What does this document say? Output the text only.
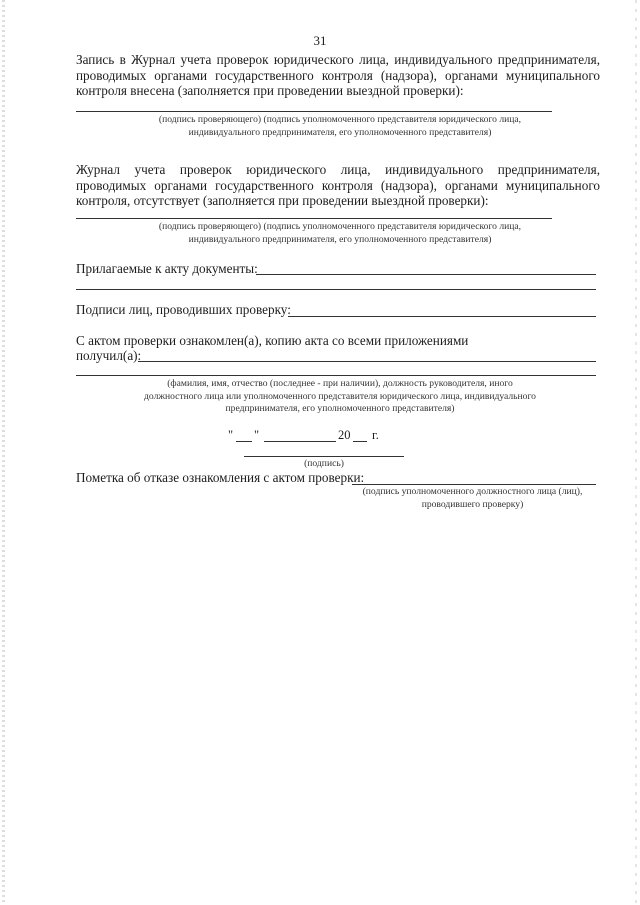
31
Запись в Журнал учета проверок юридического лица, индивидуального предпринимателя, проводимых органами государственного контроля (надзора), органами муниципального контроля внесена (заполняется при проведении выездной проверки):
(подпись проверяющего) (подпись уполномоченного представителя юридического лица, индивидуального предпринимателя, его уполномоченного представителя)
Журнал учета проверок юридического лица, индивидуального предпринимателя, проводимых органами государственного контроля (надзора), органами муниципального контроля, отсутствует (заполняется при проведении выездной проверки):
(подпись проверяющего) (подпись уполномоченного представителя юридического лица, индивидуального предпринимателя, его уполномоченного представителя)
Прилагаемые к акту документы:
Подписи лиц, проводивших проверку:
С актом проверки ознакомлен(а), копию акта со всеми приложениями
получил(а):
(фамилия, имя, отчество (последнее - при наличии), должность руководителя, иного должностного лица или уполномоченного представителя юридического лица, индивидуального предпринимателя, его уполномоченного представителя)
" "	20 г.
(подпись)
Пометка об отказе ознакомления с актом проверки:
(подпись уполномоченного должностного лица (лиц), проводившего проверку)
